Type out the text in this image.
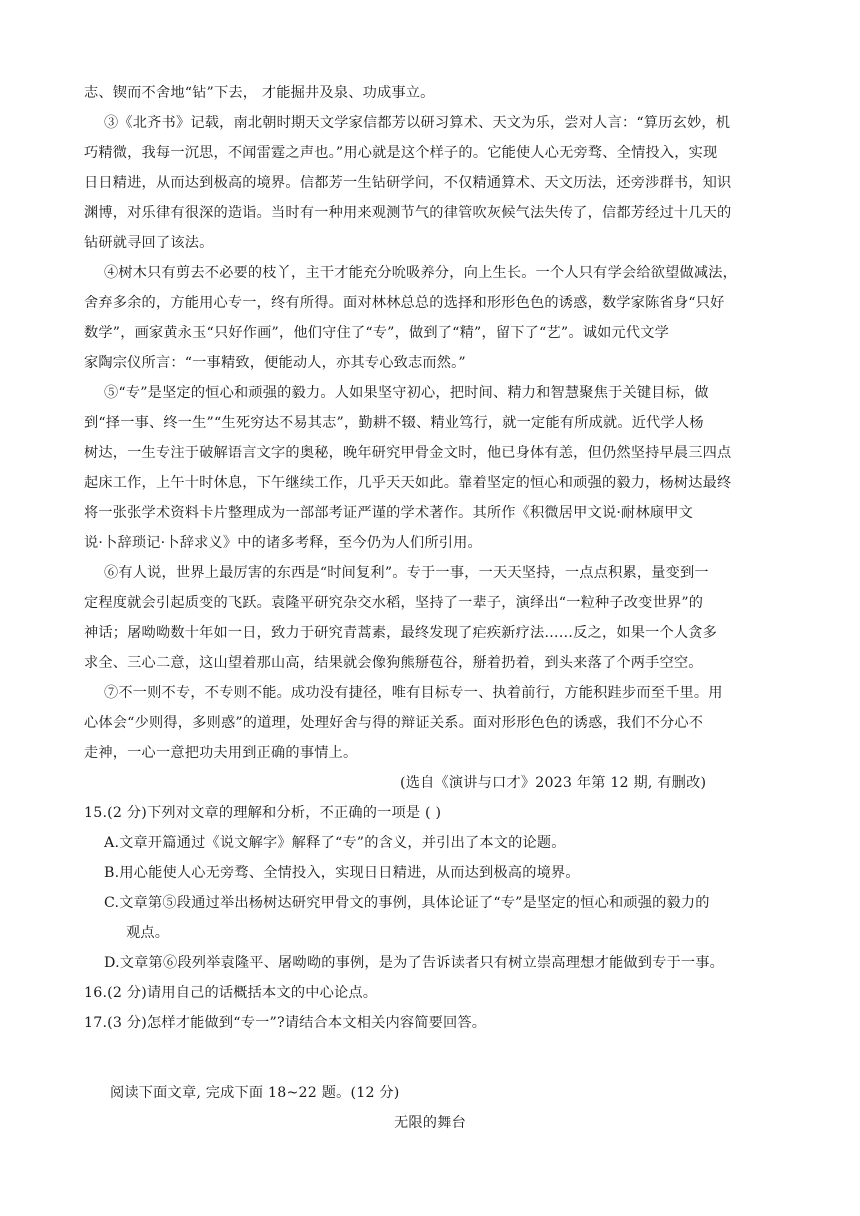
志、锲而不舍地“钻”下去， 才能掘井及泉、功成事立。
③《北齐书》记载，南北朝时期天文学家信都芳以研习算术、天文为乐，尝对人言：“算历玄妙，机
巧精微，我每一沉思，不闻雷霆之声也。”用心就是这个样子的。它能使人心无旁骛、全情投入，实现
日日精进，从而达到极高的境界。信都芳一生钻研学问，不仅精通算术、天文历法，还旁涉群书，知识
渊博，对乐律有很深的造诣。当时有一种用来观测节气的律管吹灰候气法失传了，信都芳经过十几天的
钻研就寻回了该法。
④树木只有剪去不必要的枝丫，主干才能充分吮吸养分，向上生长。一个人只有学会给欲望做减法，
舍弃多余的，方能用心专一，终有所得。面对林林总总的选择和形形色色的诱惑，数学家陈省身“只好
数学”，画家黄永玉“只好作画”，他们守住了“专”，做到了“精”，留下了“艺”。诚如元代文学
家陶宗仪所言：“一事精致，便能动人，亦其专心致志而然。”
⑤“专”是坚定的恒心和顽强的毅力。人如果坚守初心，把时间、精力和智慧聚焦于关键目标，做
到“择一事、终一生”“生死穷达不易其志”，勤耕不辍、精业笃行，就一定能有所成就。近代学人杨
树达，一生专注于破解语言文字的奥秘，晚年研究甲骨金文时，他已身体有恙，但仍然坚持早晨三四点
起床工作，上午十时休息，下午继续工作，几乎天天如此。靠着坚定的恒心和顽强的毅力，杨树达最终
将一张张学术资料卡片整理成为一部部考证严谨的学术著作。其所作《积微居甲文说·耐林庼甲文
说·卜辞琐记·卜辞求义》中的诸多考释，至今仍为人们所引用。
⑥有人说，世界上最厉害的东西是“时间复利”。专于一事，一天天坚持，一点点积累，量变到一
定程度就会引起质变的飞跃。袁隆平研究杂交水稻，坚持了一辈子，演绎出“一粒种子改变世界”的
神话；屠呦呦数十年如一日，致力于研究青蒿素，最终发现了疟疾新疗法……反之，如果一个人贪多
求全、三心二意，这山望着那山高，结果就会像狗熊掰苞谷，掰着扔着，到头来落了个两手空空。
⑦不一则不专，不专则不能。成功没有捷径，唯有目标专一、执着前行，方能积跬步而至千里。用
心体会“少则得，多则惑”的道理，处理好舍与得的辩证关系。面对形形色色的诱惑，我们不分心不
走神，一心一意把功夫用到正确的事情上。
(选自《演讲与口才》2023 年第 12 期, 有删改)
15.(2 分)下列对文章的理解和分析，不正确的一项是 ( )
A.文章开篇通过《说文解字》解释了“专”的含义，并引出了本文的论题。
B.用心能使人心无旁骛、全情投入，实现日日精进，从而达到极高的境界。
C.文章第⑤段通过举出杨树达研究甲骨文的事例，具体论证了“专”是坚定的恒心和顽强的毅力的
观点。
D.文章第⑥段列举袁隆平、屠呦呦的事例，是为了告诉读者只有树立崇高理想才能做到专于一事。
16.(2 分)请用自己的话概括本文的中心论点。
17.(3 分)怎样才能做到“专一”?请结合本文相关内容简要回答。
阅读下面文章, 完成下面 18~22 题。(12 分)
无限的舞台
